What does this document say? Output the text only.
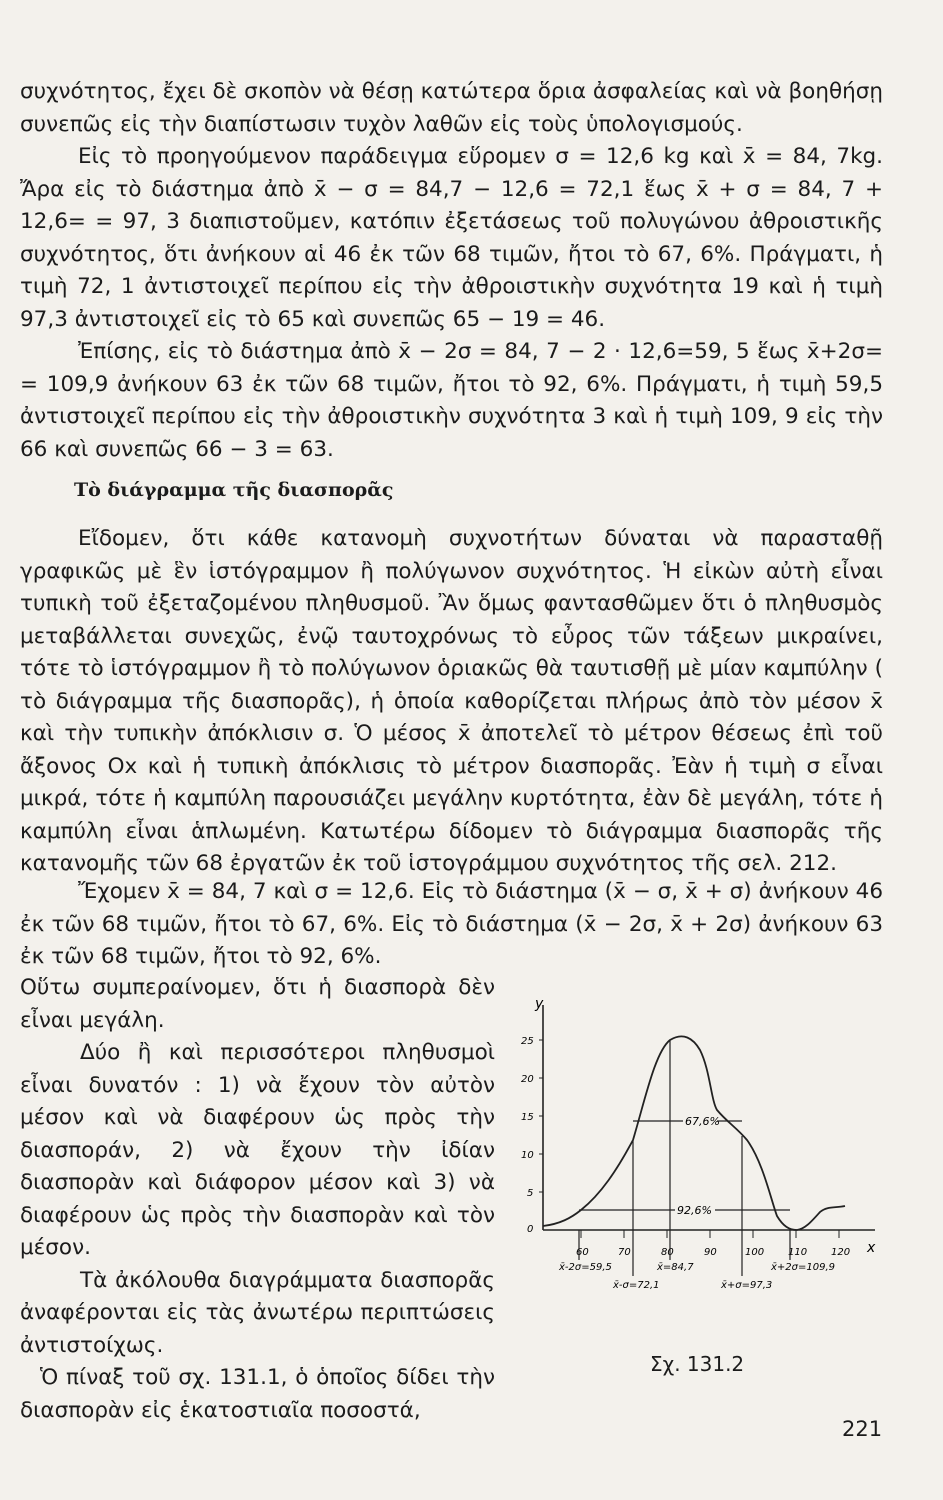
συχνότητος, ἔχει δὲ σκοπὸν νὰ θέσῃ κατώτερα ὅρια ἀσφαλείας καὶ νὰ βοηθήσῃ συνεπῶς εἰς τὴν διαπίστωσιν τυχὸν λαθῶν εἰς τοὺς ὑπολογισμούς.

Εἰς τὸ προηγούμενον παράδειγμα εὕρομεν σ = 12,6 kg καὶ x̄ = 84, 7kg. Ἄρα εἰς τὸ διάστημα ἀπὸ x̄ − σ = 84,7 − 12,6 = 72,1 ἕως x̄ + σ = 84, 7 + 12,6= = 97, 3 διαπιστοῦμεν, κατόπιν ἐξετάσεως τοῦ πολυγώνου ἀθροιστικῆς συχνότητος, ὅτι ἀνήκουν αἱ 46 ἐκ τῶν 68 τιμῶν, ἤτοι τὸ 67, 6%. Πράγματι, ἡ τιμὴ 72, 1 ἀντιστοιχεῖ περίπου εἰς τὴν ἀθροιστικὴν συχνότητα 19 καὶ ἡ τιμὴ 97,3 ἀντιστοιχεῖ εἰς τὸ 65 καὶ συνεπῶς 65 − 19 = 46.

Ἐπίσης, εἰς τὸ διάστημα ἀπὸ x̄ − 2σ = 84, 7 − 2 · 12,6=59, 5 ἕως x̄+2σ= = 109,9 ἀνήκουν 63 ἐκ τῶν 68 τιμῶν, ἤτοι τὸ 92, 6%. Πράγματι, ἡ τιμὴ 59,5 ἀντιστοιχεῖ περίπου εἰς τὴν ἀθροιστικὴν συχνότητα 3 καὶ ἡ τιμὴ 109, 9 εἰς τὴν 66 καὶ συνεπῶς 66 − 3 = 63.

Τὸ διάγραμμα τῆς διασπορᾶς

Εἴδομεν, ὅτι κάθε κατανομὴ συχνοτήτων δύναται νὰ παρασταθῇ γραφικῶς μὲ ἓν ἱστόγραμμον ἢ πολύγωνον συχνότητος. Ἡ εἰκὼν αὐτὴ εἶναι τυπικὴ τοῦ ἐξεταζομένου πληθυσμοῦ. Ἂν ὅμως φαντασθῶμεν ὅτι ὁ πληθυσμὸς μεταβάλλεται συνεχῶς, ἐνῷ ταυτοχρόνως τὸ εὖρος τῶν τάξεων μικραίνει, τότε τὸ ἱστόγραμμον ἢ τὸ πολύγωνον ὁριακῶς θὰ ταυτισθῇ μὲ μίαν καμπύλην ( τὸ διάγραμμα τῆς διασπορᾶς), ἡ ὁποία καθορίζεται πλήρως ἀπὸ τὸν μέσον x̄ καὶ τὴν τυπικὴν ἀπόκλισιν σ. Ὁ μέσος x̄ ἀποτελεῖ τὸ μέτρον θέσεως ἐπὶ τοῦ ἄξονος Ox καὶ ἡ τυπικὴ ἀπόκλισις τὸ μέτρον διασπορᾶς. Ἐὰν ἡ τιμὴ σ εἶναι μικρά, τότε ἡ καμπύλη παρουσιάζει μεγάλην κυρτότητα, ἐὰν δὲ μεγάλη, τότε ἡ καμπύλη εἶναι ἁπλωμένη. Κατωτέρω δίδομεν τὸ διάγραμμα διασπορᾶς τῆς κατανομῆς τῶν 68 ἐργατῶν ἐκ τοῦ ἱστογράμμου συχνότητος τῆς σελ. 212.

Ἔχομεν x̄ = 84, 7 καὶ σ = 12,6. Εἰς τὸ διάστημα (x̄ − σ, x̄ + σ) ἀνήκουν 46 ἐκ τῶν 68 τιμῶν, ἤτοι τὸ 67, 6%. Εἰς τὸ διάστημα (x̄ − 2σ, x̄ + 2σ) ἀνήκουν 63 ἐκ τῶν 68 τιμῶν, ἤτοι τὸ 92, 6%.

Οὕτω συμπεραίνομεν, ὅτι ἡ διασπορὰ δὲν εἶναι μεγάλη.

Δύο ἢ καὶ περισσότεροι πληθυσμοὶ εἶναι δυνατόν : 1) νὰ ἔχουν τὸν αὐτὸν μέσον καὶ νὰ διαφέρουν ὡς πρὸς τὴν διασποράν, 2) νὰ ἔχουν τὴν ἰδίαν διασπορὰν καὶ διάφορον μέσον καὶ 3) νὰ διαφέρουν ὡς πρὸς τὴν διασπορὰν καὶ τὸν μέσον.

Τὰ ἀκόλουθα διαγράμματα διασπορᾶς ἀναφέρονται εἰς τὰς ἀνωτέρω περιπτώσεις ἀντιστοίχως.

Ὁ πίναξ τοῦ σχ. 131.1, ὁ ὁποῖος δίδει τὴν διασπορὰν εἰς ἑκατοστιαῖα ποσοστά,

y
x
25
20
15
10
5
0
60	70	80	90	100 110 120
67,6%
92,6%
x̄-2σ=59,5
x̄-σ=72,1
x̄=84,7
x̄+σ=97,3
x̄+2σ=109,9

Σχ. 131.2

221
